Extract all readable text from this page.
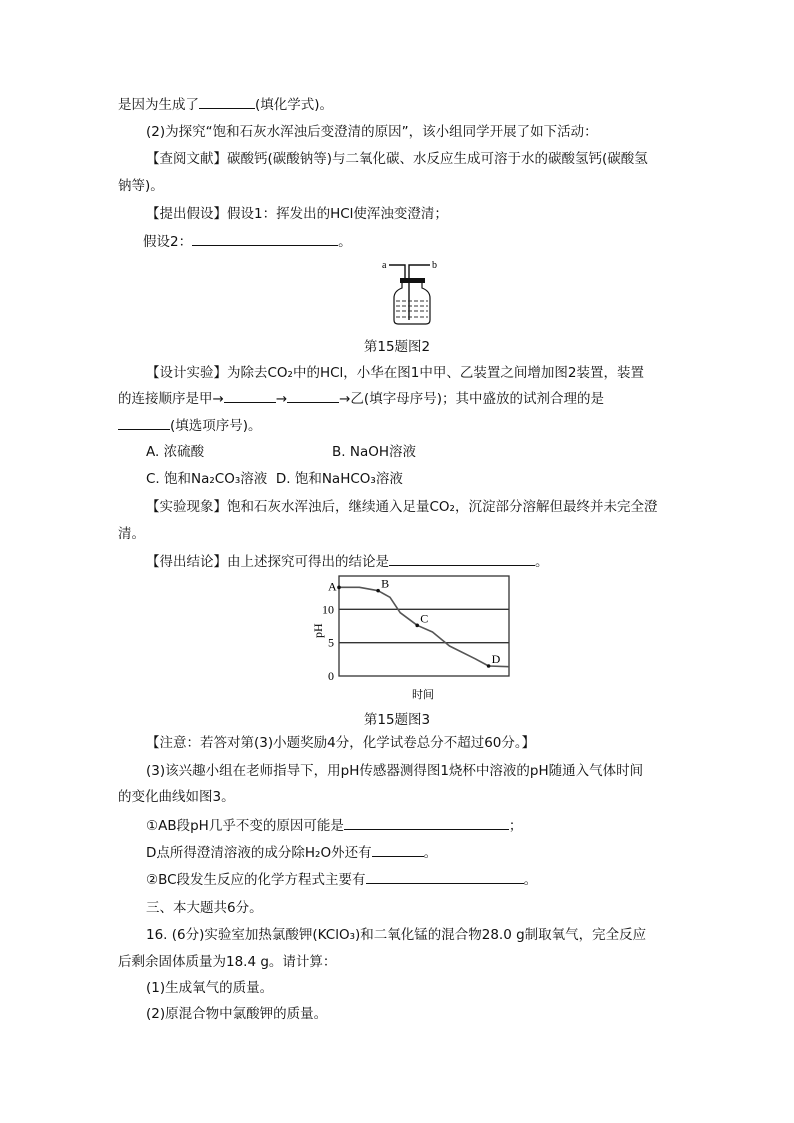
是因为生成了	(填化学式)。
(2)为探究“饱和石灰水浑浊后变澄清的原因”，该小组同学开展了如下活动：
【查阅文献】碳酸钙(碳酸钠等)与二氧化碳、水反应生成可溶于水的碳酸氢钙(碳酸氢
钠等)。
【提出假设】假设1：挥发出的HCl使浑浊变澄清；
假设2：	。
a	b
第15题图2
【设计实验】为除去CO₂中的HCl，小华在图1中甲、乙装置之间增加图2装置，装置
的连接顺序是甲→	→	→乙(填字母序号)；其中盛放的试剂合理的是
(填选项序号)。
A. 浓硫酸	B. NaOH溶液
C. 饱和Na₂CO₃溶液 D. 饱和NaHCO₃溶液
【实验现象】饱和石灰水浑浊后，继续通入足量CO₂，沉淀部分溶解但最终并未完全澄
清。
【得出结论】由上述探究可得出的结论是	。
时间
pH
0
5
10
A	B
C
D
第15题图3
【注意：若答对第(3)小题奖励4分，化学试卷总分不超过60分。】
(3)该兴趣小组在老师指导下，用pH传感器测得图1烧杯中溶液的pH随通入气体时间
的变化曲线如图3。
①AB段pH几乎不变的原因可能是	；
D点所得澄清溶液的成分除H₂O外还有	。
②BC段发生反应的化学方程式主要有	。
三、本大题共6分。
16. (6分)实验室加热氯酸钾(KClO₃)和二氧化锰的混合物28.0 g制取氧气，完全反应
后剩余固体质量为18.4 g。请计算：
(1)生成氧气的质量。
(2)原混合物中氯酸钾的质量。
